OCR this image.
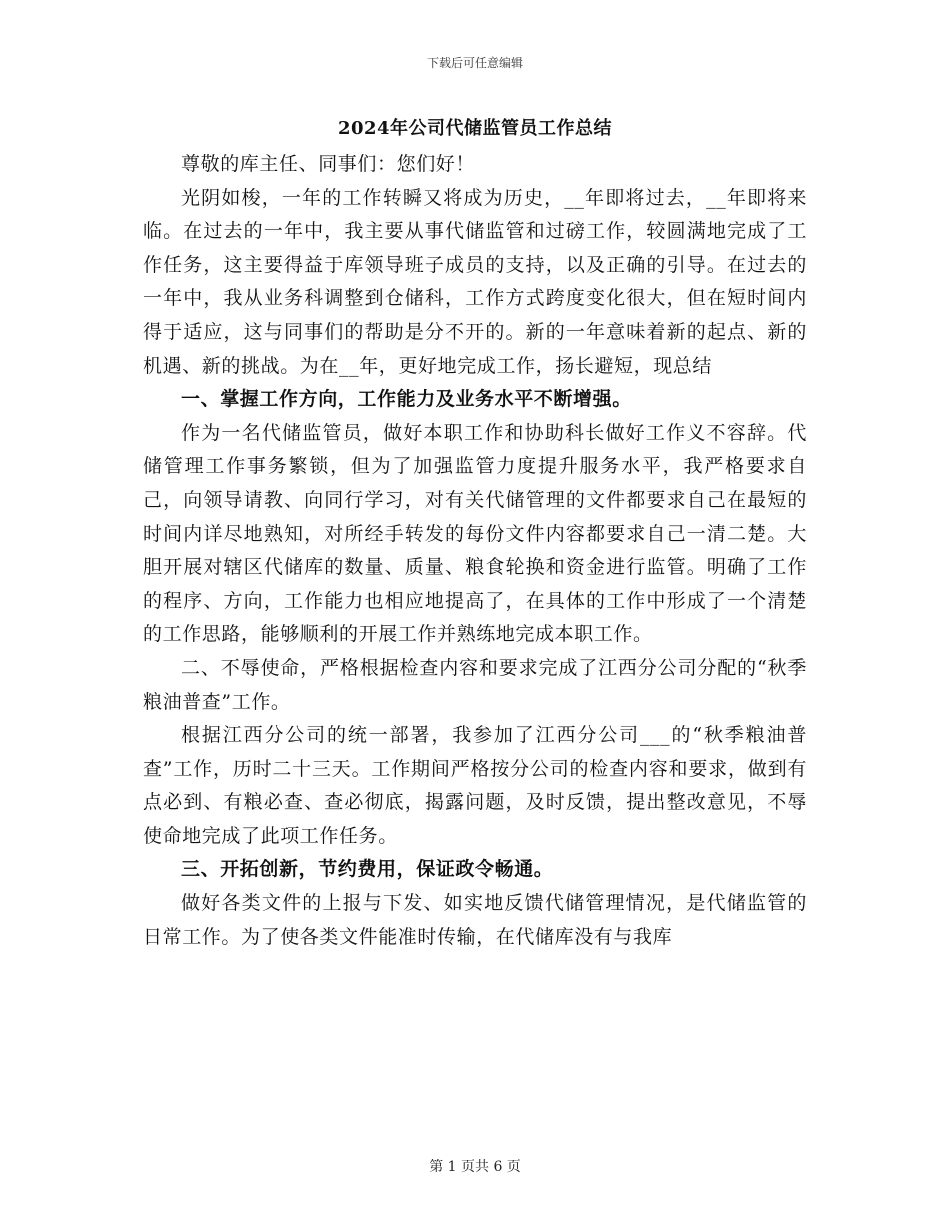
下载后可任意编辑
2024年公司代储监管员工作总结

尊敬的库主任、同事们：您们好！

光阴如梭，一年的工作转瞬又将成为历史，__年即将过去，__年即将来临。在过去的一年中，我主要从事代储监管和过磅工作，较圆满地完成了工作任务，这主要得益于库领导班子成员的支持，以及正确的引导。在过去的一年中，我从业务科调整到仓储科，工作方式跨度变化很大，但在短时间内得于适应，这与同事们的帮助是分不开的。新的一年意味着新的起点、新的机遇、新的挑战。为在__年，更好地完成工作，扬长避短，现总结

一、掌握工作方向，工作能力及业务水平不断增强。

作为一名代储监管员，做好本职工作和协助科长做好工作义不容辞。代储管理工作事务繁锁，但为了加强监管力度提升服务水平，我严格要求自己，向领导请教、向同行学习，对有关代储管理的文件都要求自己在最短的时间内详尽地熟知，对所经手转发的每份文件内容都要求自己一清二楚。大胆开展对辖区代储库的数量、质量、粮食轮换和资金进行监管。明确了工作的程序、方向，工作能力也相应地提高了，在具体的工作中形成了一个清楚的工作思路，能够顺利的开展工作并熟练地完成本职工作。

二、不辱使命，严格根据检查内容和要求完成了江西分公司分配的“秋季粮油普查”工作。

根据江西分公司的统一部署，我参加了江西分公司___的“秋季粮油普查”工作，历时二十三天。工作期间严格按分公司的检查内容和要求，做到有点必到、有粮必查、查必彻底，揭露问题，及时反馈，提出整改意见，不辱使命地完成了此项工作任务。

三、开拓创新，节约费用，保证政令畅通。

做好各类文件的上报与下发、如实地反馈代储管理情况，是代储监管的日常工作。为了使各类文件能准时传输，在代储库没有与我库

第 1 页共 6 页
